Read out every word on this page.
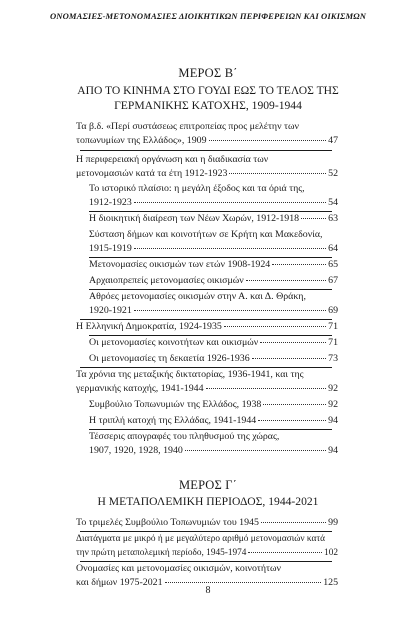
ΟΝΟΜΑΣΙΕΣ-ΜΕΤΟΝΟΜΑΣΙΕΣ ΔΙΟΙΚΗΤΙΚΩΝ ΠΕΡΙΦΕΡΕΙΩΝ ΚΑΙ ΟΙΚΙΣΜΩΝ
ΜΕΡΟΣ Β΄
ΑΠΟ ΤΟ ΚΙΝΗΜΑ ΣΤΟ ΓΟΥΔΙ ΕΩΣ ΤΟ ΤΕΛΟΣ ΤΗΣ
ΓΕΡΜΑΝΙΚΗΣ ΚΑΤΟΧΗΣ, 1909-1944
Τα β.δ. «Περί συστάσεως επιτροπείας προς μελέτην των
τοπωνυμίων της Ελλάδος», 1909	47
Η περιφερειακή οργάνωση και η διαδικασία των
μετονομασιών κατά τα έτη 1912-1923	52
Το ιστορικό πλαίσιο: η μεγάλη έξοδος και τα όριά της,
1912-1923	54
Η διοικητική διαίρεση των Νέων Χωρών, 1912-1918	63
Σύσταση δήμων και κοινοτήτων σε Κρήτη και Μακεδονία,
1915-1919	64
Μετονομασίες οικισμών των ετών 1908-1924	65
Αρχαιοπρεπείς μετονομασίες οικισμών	67
Αθρόες μετονομασίες οικισμών στην Α. και Δ. Θράκη,
1920-1921	69
Η Ελληνική Δημοκρατία, 1924-1935	71
Οι μετονομασίες κοινοτήτων και οικισμών	71
Οι μετονομασίες τη δεκαετία 1926-1936	73
Τα χρόνια της μεταξικής δικτατορίας, 1936-1941, και της
γερμανικής κατοχής, 1941-1944	92
Συμβούλιο Τοπωνυμιών της Ελλάδος, 1938	92
Η τριπλή κατοχή της Ελλάδας, 1941-1944	94
Τέσσερις απογραφές του πληθυσμού της χώρας,
1907, 1920, 1928, 1940	94
ΜΕΡΟΣ Γ΄
Η ΜΕΤΑΠΟΛΕΜΙΚΗ ΠΕΡΙΟΔΟΣ, 1944-2021
Το τριμελές Συμβούλιο Τοπωνυμιών του 1945	99
Διατάγματα με μικρό ή με μεγαλύτερο αριθμό μετονομασιών κατά
την πρώτη μεταπολεμική περίοδο, 1945-1974	102
Ονομασίες και μετονομασίες οικισμών, κοινοτήτων
και δήμων 1975-2021	125
8
